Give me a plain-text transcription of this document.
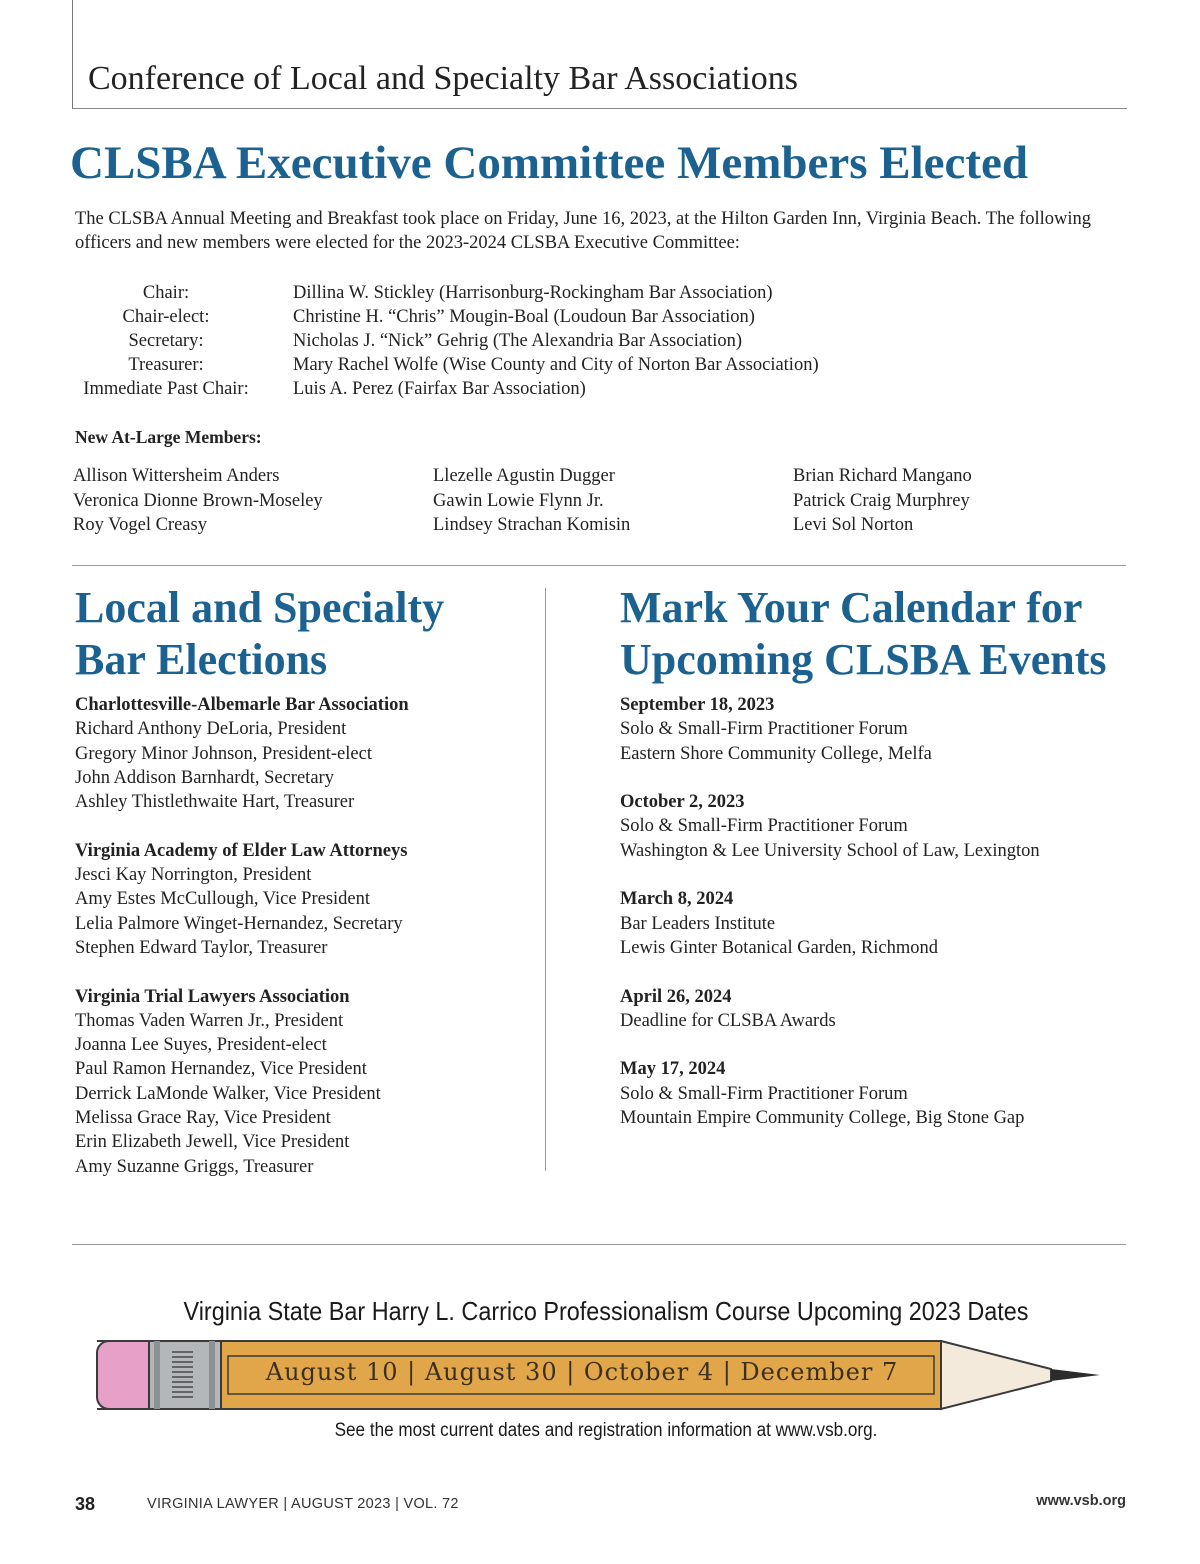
Conference of Local and Specialty Bar Associations
CLSBA Executive Committee Members Elected
The CLSBA Annual Meeting and Breakfast took place on Friday, June 16, 2023, at the Hilton Garden Inn, Virginia Beach. The following officers and new members were elected for the 2023-2024 CLSBA Executive Committee:
Chair:	Dillina W. Stickley (Harrisonburg-Rockingham Bar Association)
Chair-elect:	Christine H. “Chris” Mougin-Boal (Loudoun Bar Association)
Secretary:	Nicholas J. “Nick” Gehrig (The Alexandria Bar Association)
Treasurer:	Mary Rachel Wolfe (Wise County and City of Norton Bar Association)
Immediate Past Chair:	Luis A. Perez (Fairfax Bar Association)
New At-Large Members:
Allison Wittersheim Anders
Veronica Dionne Brown-Moseley
Roy Vogel Creasy
Llezelle Agustin Dugger
Gawin Lowie Flynn Jr.
Lindsey Strachan Komisin
Brian Richard Mangano
Patrick Craig Murphrey
Levi Sol Norton
Local and Specialty
Bar Elections
Charlottesville-Albemarle Bar Association
Richard Anthony DeLoria, President
Gregory Minor Johnson, President-elect
John Addison Barnhardt, Secretary
Ashley Thistlethwaite Hart, Treasurer
Virginia Academy of Elder Law Attorneys
Jesci Kay Norrington, President
Amy Estes McCullough, Vice President
Lelia Palmore Winget-Hernandez, Secretary
Stephen Edward Taylor, Treasurer
Virginia Trial Lawyers Association
Thomas Vaden Warren Jr., President
Joanna Lee Suyes, President-elect
Paul Ramon Hernandez, Vice President
Derrick LaMonde Walker, Vice President
Melissa Grace Ray, Vice President
Erin Elizabeth Jewell, Vice President
Amy Suzanne Griggs, Treasurer
Mark Your Calendar for
Upcoming CLSBA Events
September 18, 2023
Solo & Small-Firm Practitioner Forum
Eastern Shore Community College, Melfa
October 2, 2023
Solo & Small-Firm Practitioner Forum
Washington & Lee University School of Law, Lexington
March 8, 2024
Bar Leaders Institute
Lewis Ginter Botanical Garden, Richmond
April 26, 2024
Deadline for CLSBA Awards
May 17, 2024
Solo & Small-Firm Practitioner Forum
Mountain Empire Community College, Big Stone Gap
Virginia State Bar Harry L. Carrico Professionalism Course Upcoming 2023 Dates
August 10 | August 30 | October 4 | December 7
See the most current dates and registration information at www.vsb.org.
38	VIRGINIA LAWYER | AUGUST 2023 | VOL. 72	www.vsb.org
